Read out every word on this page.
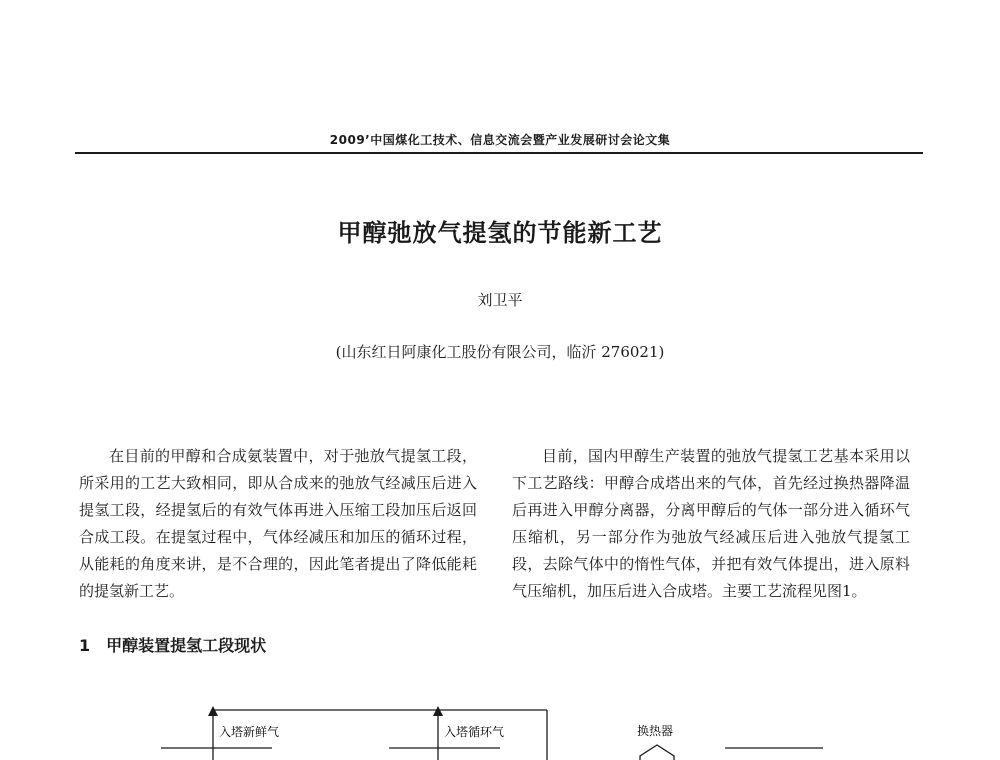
2009’中国煤化工技术、信息交流会暨产业发展研讨会论文集
甲醇弛放气提氢的节能新工艺
刘卫平
(山东红日阿康化工股份有限公司，临沂 276021)

在目前的甲醇和合成氨装置中，对于弛放气提氢工段，所采用的工艺大致相同，即从合成来的弛放气经减压后进入提氢工段，经提氢后的有效气体再进入压缩工段加压后返回合成工段。在提氢过程中，气体经减压和加压的循环过程，从能耗的角度来讲，是不合理的，因此笔者提出了降低能耗的提氢新工艺。

目前，国内甲醇生产装置的弛放气提氢工艺基本采用以下工艺路线：甲醇合成塔出来的气体，首先经过换热器降温后再进入甲醇分离器，分离甲醇后的气体一部分进入循环气压缩机，另一部分作为弛放气经减压后进入弛放气提氢工段，去除气体中的惰性气体，并把有效气体提出，进入原料气压缩机，加压后进入合成塔。主要工艺流程见图1。

1 甲醇装置提氢工段现状
入塔新鲜气	入塔循环气	换热器
